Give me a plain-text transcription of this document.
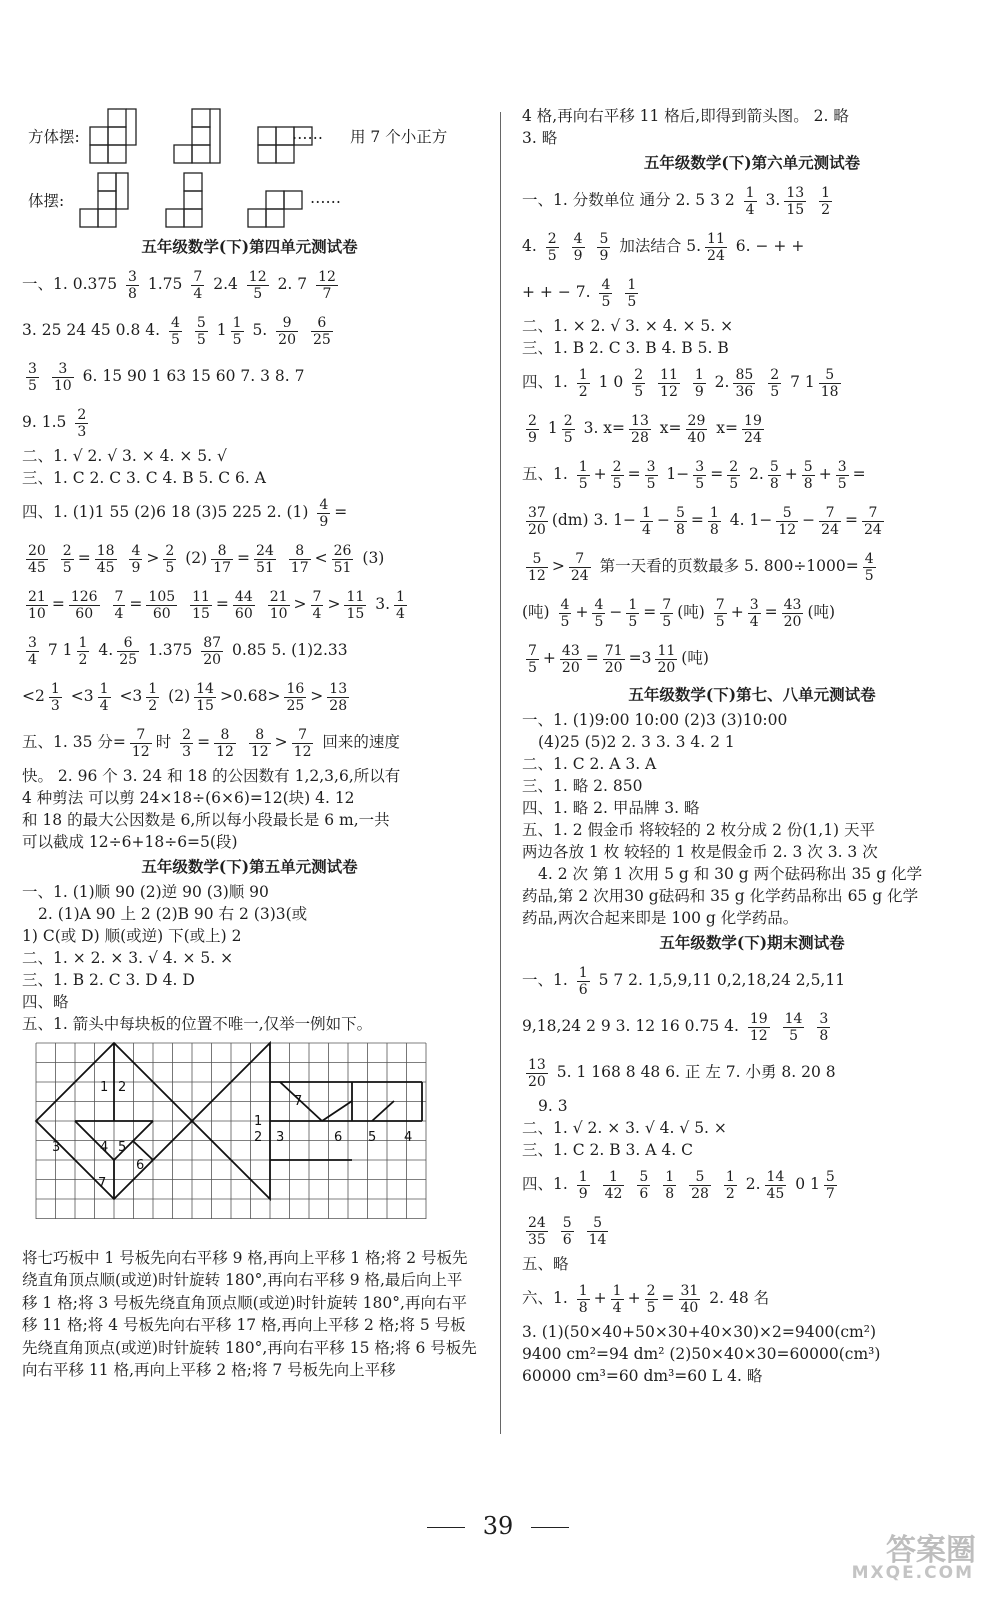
方体摆:	…… 用 7 个小正方
体摆:	……

五年级数学(下)第四单元测试卷

一、1. $0.375 \frac{3}{8} 1.75 \frac{7}{4} 2.4 \frac{12}{5} 2$. $7 \frac{12}{7}$

3. 25 24 45 0.8 4. $\frac{4}{5}$
$\frac{5}{5} 1 \frac{1}{5} 5$. $\frac{9}{20}$
$\frac{6}{25}$

$\frac{3}{5}$
$\frac{3}{10} 6$. 15 90 1 63 15 60 7. 3 8. 7

9. $1.5 \frac{2}{3}$

二、1. √ 2. √ 3. × 4. × 5. √

三、1. C 2. C 3. C 4. B 5. C 6. A

四、1. (1)1 55 (2)6 18 (3)5 225 2. $(1) \frac{4}{9}$ =

$\frac{20}{45}$
$\frac{2}{5} = \frac{18}{45}$
$\frac{4}{9} > \frac{2}{5} (2) \frac{8}{17} = \frac{24}{51}$
$\frac{8}{17} < \frac{26}{51} (3)$

$\frac{21}{10} = \frac{126}{60}$
$\frac{7}{4} = \frac{105}{60}$
$\frac{11}{15} = \frac{44}{60}$
$\frac{21}{10} > \frac{7}{4} > \frac{11}{15} 3$. $\frac{1}{4}$

$\frac{3}{4} 7$ $1 \frac{1}{2} 4$. $\frac{6}{25} 1.375 \frac{87}{20} 0.85$ 5. (1)2.33

$<2 \frac{1}{3} <3 \frac{1}{4} <3 \frac{1}{2} (2) \frac{14}{15} >0.68> \frac{16}{25} > \frac{13}{28}$

五、1. 35 分= $\frac{7}{12}$ 时 $\frac{2}{3} = \frac{8}{12}$
$\frac{8}{12} > \frac{7}{12}$ 回来的速度

快。 2. 96 个 3. 24 和 18 的公因数有 1,2,3,6,所以有

4 种剪法 可以剪 24×18÷(6×6)=12(块) 4. 12

和 18 的最大公因数是 6,所以每小段最长是 6 m,一共

可以截成 12÷6+18÷6=5(段)

五年级数学(下)第五单元测试卷

一、1. (1)顺 90 (2)逆 90 (3)顺 90

2. (1)A 90 上 2 (2)B 90 右 2 (3)3(或

1) C(或 D) 顺(或逆) 下(或上) 2

二、1. × 2. × 3. √ 4. × 5. ×

三、1. B 2. C 3. D 4. D

四、略

五、1. 箭头中每块板的位置不唯一,仅举一例如下。

1 2
3	4 5
6
7
7
1
2 3	6 5 4

将七巧板中 1 号板先向右平移 9 格,再向上平移 1 格;将 2 号板先绕直角顶点顺(或逆)时针旋转 180°,再向右平移 9 格,最后向上平移 1 格;将 3 号板先绕直角顶点顺(或逆)时针旋转 180°,再向右平移 11 格;将 4 号板先向右平移 17 格,再向上平移 2 格;将 5 号板先绕直角顶点(或逆)时针旋转 180°,再向右平移 15 格;将 6 号板先向右平移 11 格,再向上平移 2 格;将 7 号板先向上平移

4 格,再向右平移 11 格后,即得到箭头图。 2. 略

3. 略

五年级数学(下)第六单元测试卷

一、1. 分数单位 通分 2. 5 3 $2 \frac{1}{4} 3$. $\frac{13}{15}$
$\frac{1}{2}$

4. $\frac{2}{5}$
$\frac{4}{9}$
$\frac{5}{9}$ 加法结合 5. $\frac{11}{24} 6$. − + +

+ + − 7. $\frac{4}{5}$
$\frac{1}{5}$

二、1. × 2. √ 3. × 4. × 5. ×

三、1. B 2. C 3. B 4. B 5. B

四、1. $\frac{1}{2} 1$ $0 \frac{2}{5}$
$\frac{11}{12}$
$\frac{1}{9} 2$. $\frac{85}{36}$
$\frac{2}{5} 7$ $1 \frac{5}{18}$

$\frac{2}{9} 1 \frac{2}{5} 3$. $x= \frac{13}{28} x= \frac{29}{40} x= \frac{19}{24}$

五、1. $\frac{1}{5} + \frac{2}{5} = \frac{3}{5} 1- \frac{3}{5} = \frac{2}{5} 2$. $\frac{5}{8} + \frac{5}{8} + \frac{3}{5}$ =

$\frac{37}{20} (dm)$ 3. $1- \frac{1}{4} - \frac{5}{8} = \frac{1}{8} 4$. $1- \frac{5}{12} - \frac{7}{24} = \frac{7}{24}$

$\frac{5}{12} > \frac{7}{24}$ 第一天看的页数最多 5. $800\div 1000= \frac{4}{5}$

(吨) $\frac{4}{5} + \frac{4}{5} - \frac{1}{5} = \frac{7}{5}$ (吨) $\frac{7}{5} + \frac{3}{4} = \frac{43}{20}$ (吨)

$\frac{7}{5} + \frac{43}{20} = \frac{71}{20} =3 \frac{11}{20}$ (吨)

五年级数学(下)第七、八单元测试卷

一、1. (1)9:00 10:00 (2)3 (3)10:00

(4)25 (5)2 2. 3 3. 3 4. 2 1

二、1. C 2. A 3. A

三、1. 略 2. 850

四、1. 略 2. 甲品牌 3. 略

五、1. 2 假金币 将较轻的 2 枚分成 2 份(1,1) 天平

两边各放 1 枚 较轻的 1 枚是假金币 2. 3 次 3. 3 次

4. 2 次 第 1 次用 5 g 和 30 g 两个砝码称出 35 g 化学

药品,第 2 次用30 g砝码和 35 g 化学药品称出 65 g 化学

药品,两次合起来即是 100 g 化学药品。

五年级数学(下)期末测试卷

一、1. $\frac{1}{6} 5$ 7 2. 1,5,9,11 0,2,18,24 2,5,11

9,18,24 2 9 3. 12 16 0.75 4. $\frac{19}{12}$
$\frac{14}{5}$
$\frac{3}{8}$

$\frac{13}{20} 5$. 1 168 8 48 6. 正 左 7. 小勇 8. 20 8

9. 3

二、1. √ 2. × 3. √ 4. √ 5. ×

三、1. C 2. B 3. A 4. C

四、1. $\frac{1}{9}$
$\frac{1}{42}$
$\frac{5}{6}$
$\frac{1}{8}$
$\frac{5}{28}$
$\frac{1}{2} 2$. $\frac{14}{45} 0$ $1 \frac{5}{7}$

$\frac{24}{35}$
$\frac{5}{6}$
$\frac{5}{14}$

五、略

六、1. $\frac{1}{8} + \frac{1}{4} + \frac{2}{5} = \frac{31}{40} 2$. 48 名

3. (1)(50×40+50×30+40×30)×2=9400(cm²)

9400 cm²=94 dm² (2)50×40×30=60000(cm³)

60000 cm³=60 dm³=60 L 4. 略

39
答案圈
MXQE.COM
